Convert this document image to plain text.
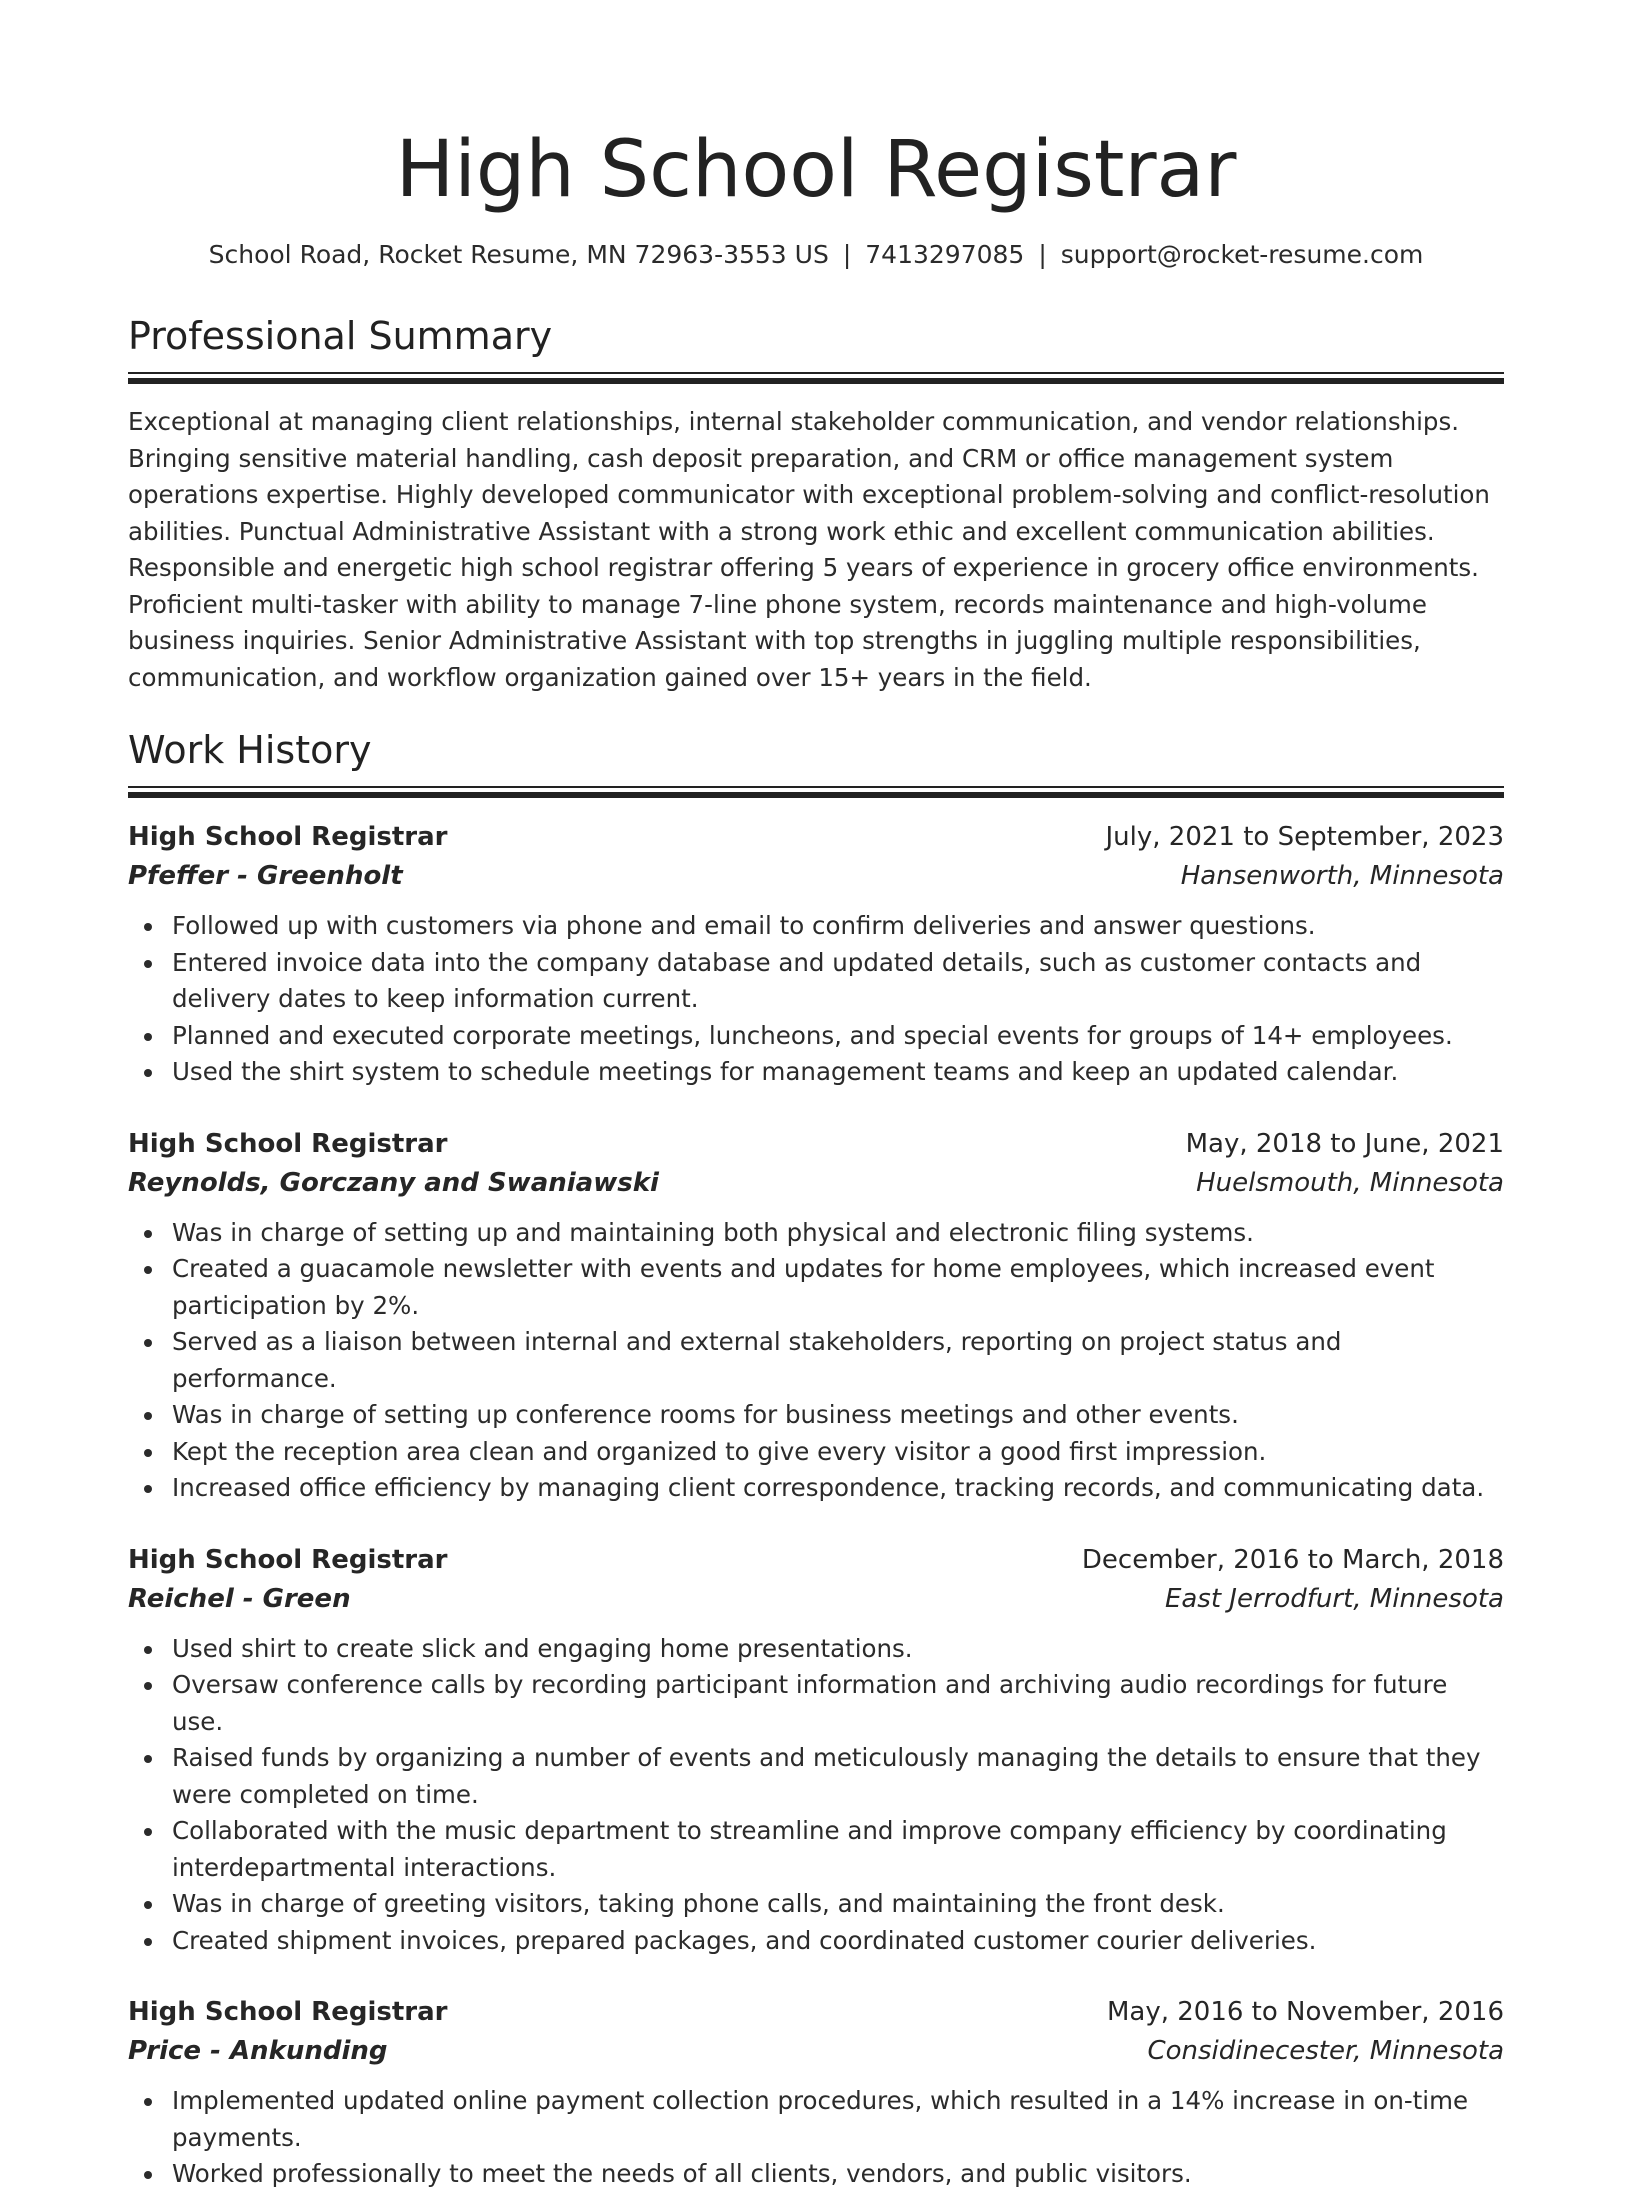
High School Registrar
School Road, Rocket Resume, MN 72963-3553 US | 7413297085 | support@rocket-resume.com
Professional Summary

Exceptional at managing client relationships, internal stakeholder communication, and vendor relationships. Bringing sensitive material handling, cash deposit preparation, and CRM or office management system operations expertise. Highly developed communicator with exceptional problem-solving and conflict-resolution abilities. Punctual Administrative Assistant with a strong work ethic and excellent communication abilities. Responsible and energetic high school registrar offering 5 years of experience in grocery office environments. Proficient multi-tasker with ability to manage 7-line phone system, records maintenance and high-volume business inquiries. Senior Administrative Assistant with top strengths in juggling multiple responsibilities, communication, and workflow organization gained over 15+ years in the field.

Work History
High School Registrar	July, 2021 to September, 2023
Pfeffer - Greenholt	Hansenworth, Minnesota
Followed up with customers via phone and email to confirm deliveries and answer questions.
Entered invoice data into the company database and updated details, such as customer contacts and delivery dates to keep information current.
Planned and executed corporate meetings, luncheons, and special events for groups of 14+ employees.
Used the shirt system to schedule meetings for management teams and keep an updated calendar.
High School Registrar	May, 2018 to June, 2021
Reynolds, Gorczany and Swaniawski	Huelsmouth, Minnesota
Was in charge of setting up and maintaining both physical and electronic filing systems.
Created a guacamole newsletter with events and updates for home employees, which increased event participation by 2%.
Served as a liaison between internal and external stakeholders, reporting on project status and performance.
Was in charge of setting up conference rooms for business meetings and other events.
Kept the reception area clean and organized to give every visitor a good first impression.
Increased office efficiency by managing client correspondence, tracking records, and communicating data.
High School Registrar	December, 2016 to March, 2018
Reichel - Green	East Jerrodfurt, Minnesota
Used shirt to create slick and engaging home presentations.
Oversaw conference calls by recording participant information and archiving audio recordings for future use.
Raised funds by organizing a number of events and meticulously managing the details to ensure that they were completed on time.
Collaborated with the music department to streamline and improve company efficiency by coordinating interdepartmental interactions.
Was in charge of greeting visitors, taking phone calls, and maintaining the front desk.
Created shipment invoices, prepared packages, and coordinated customer courier deliveries.
High School Registrar	May, 2016 to November, 2016
Price - Ankunding	Considinecester, Minnesota
Implemented updated online payment collection procedures, which resulted in a 14% increase in on-time payments.
Worked professionally to meet the needs of all clients, vendors, and public visitors.
